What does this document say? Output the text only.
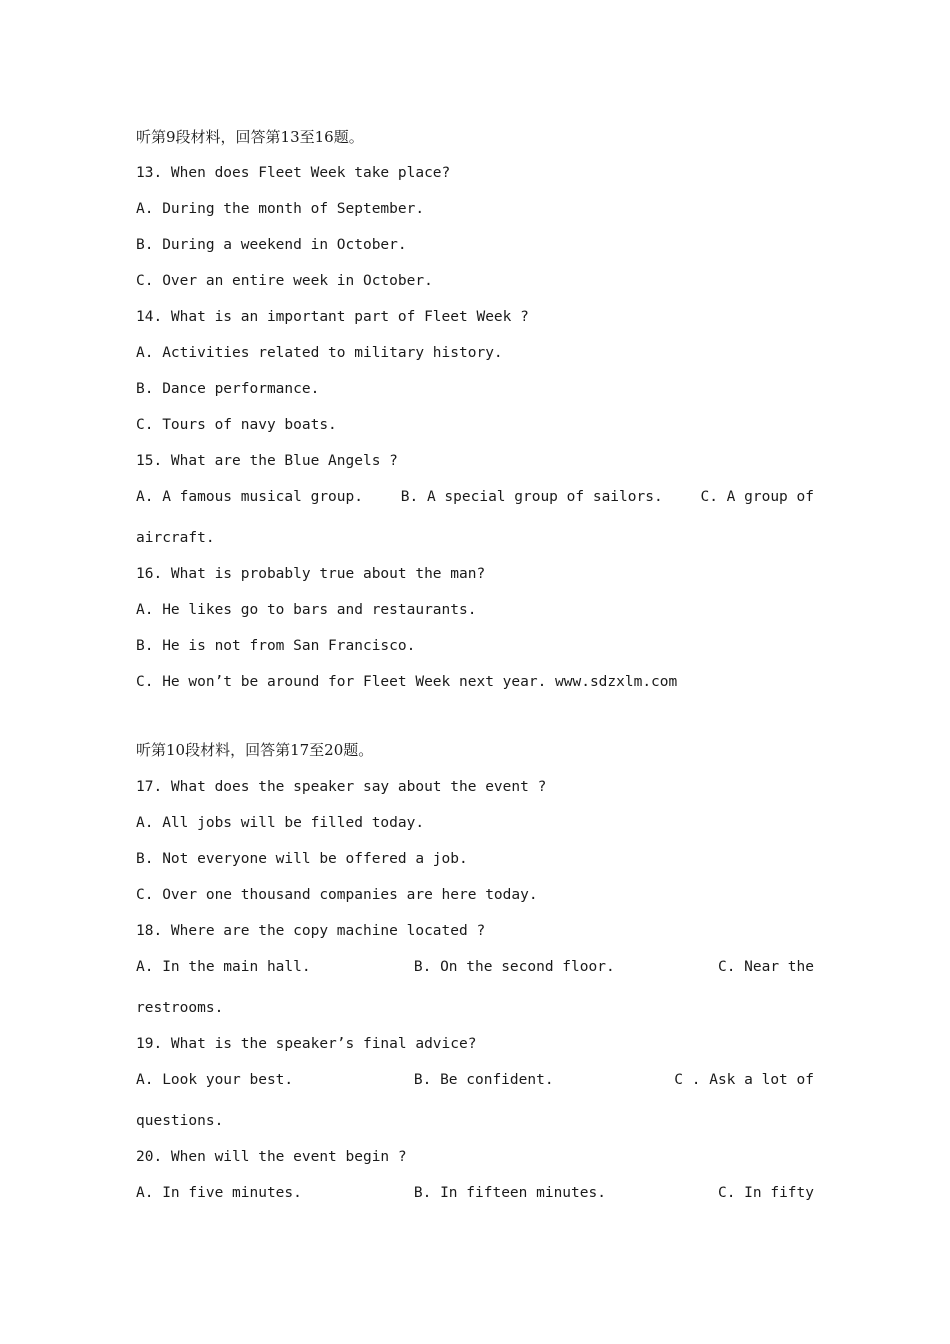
听第9段材料，回答第13至16题。
13. When does Fleet Week take place?
A. During the month of September.
B. During a weekend in October.
C. Over an entire week in October.
14. What is an important part of Fleet Week ?
A. Activities related to military history.
B. Dance performance.
C. Tours of navy boats.
15. What are the Blue Angels ?
A. A famous musical group.	B. A special group of sailors.	C. A group of
aircraft.
16. What is probably true about the man?
A. He likes go to bars and restaurants.
B. He is not from San Francisco.
C. He won’t be around for Fleet Week next year. www.sdzxlm.com
听第10段材料，回答第17至20题。
17. What does the speaker say about the event ?
A. All jobs will be filled today.
B. Not everyone will be offered a job.
C. Over one thousand companies are here today.
18. Where are the copy machine located ?
A. In the main hall.	B. On the second floor.	C. Near the
restrooms.
19. What is the speaker’s final advice?
A. Look your best.	B. Be confident.	C . Ask a lot of
questions.
20. When will the event begin ?
A. In five minutes.	B. In fifteen minutes.	C. In fifty
